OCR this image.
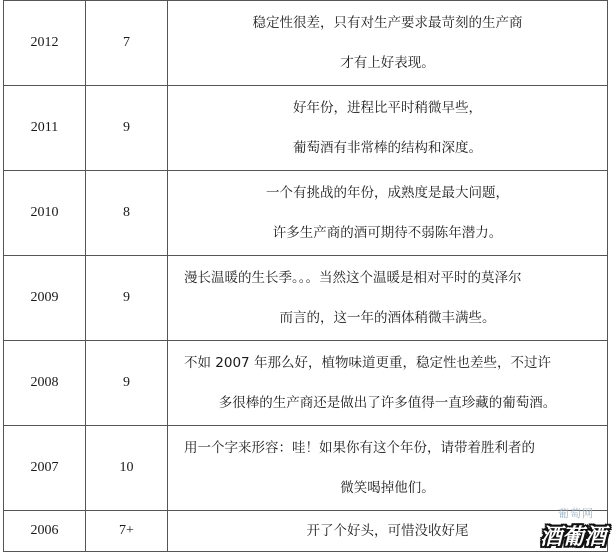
2012	7	稳定性很差，只有对生产要求最苛刻的生产商
才有上好表现。

2011	9	好年份，进程比平时稍微早些，
葡萄酒有非常棒的结构和深度。

2010	8	一个有挑战的年份，成熟度是最大问题，
许多生产商的酒可期待不弱陈年潜力。

2009	9	漫长温暖的生长季。。。当然这个温暖是相对平时的莫泽尔
而言的，这一年的酒体稍微丰满些。

2008	9	不如 2007 年那么好，植物味道更重，稳定性也差些，不过许
多很棒的生产商还是做出了许多值得一直珍藏的葡萄酒。

2007	10	用一个字来形容：哇！如果你有这个年份，请带着胜利者的
微笑喝掉他们。

2006	7+	开了个好头，可惜没收好尾
葡萄网
酒葡酒
